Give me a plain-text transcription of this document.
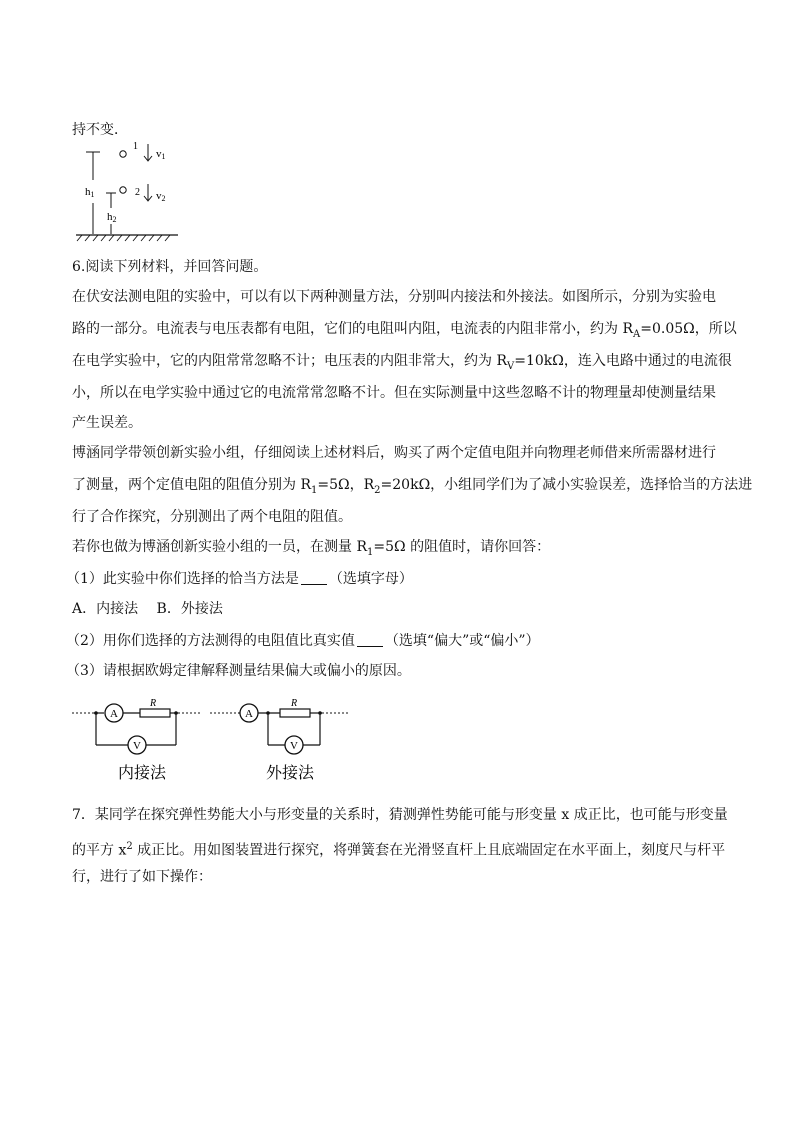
持不变．
h1
h2
1
v1
2 v2
6.阅读下列材料，并回答问题。
在伏安法测电阻的实验中，可以有以下两种测量方法，分别叫内接法和外接法。如图所示，分别为实验电
路的一部分。电流表与电压表都有电阻，它们的电阻叫内阻，电流表的内阻非常小，约为 $R_A=0.05\Omega$，所以
在电学实验中，它的内阻常常忽略不计；电压表的内阻非常大，约为 $R_V=10k\Omega$，连入电路中通过的电流很
小，所以在电学实验中通过它的电流常常忽略不计。但在实际测量中这些忽略不计的物理量却使测量结果
产生误差。
博涵同学带领创新实验小组，仔细阅读上述材料后，购买了两个定值电阻并向物理老师借来所需器材进行
了测量，两个定值电阻的阻值分别为 $R_1=5\Omega$，$R_2=20k\Omega$，小组同学们为了减小实验误差，选择恰当的方法进
行了合作探究，分别测出了两个电阻的阻值。
若你也做为博涵创新实验小组的一员，在测量 $R_1=5\Omega$ 的阻值时，请你回答：
（1）此实验中你们选择的恰当方法是 （选填字母）
A．内接法　 B．外接法
（2）用你们选择的方法测得的电阻值比真实值 （选填“偏大”或“偏小”）
（3）请根据欧姆定律解释测量结果偏大或偏小的原因。
A
R
V
内接法
A
R
V
外接法
7．某同学在探究弹性势能大小与形变量的关系时，猜测弹性势能可能与形变量 x 成正比，也可能与形变量
的平方 $x^2$ 成正比。用如图装置进行探究，将弹簧套在光滑竖直杆上且底端固定在水平面上，刻度尺与杆平
行，进行了如下操作：
